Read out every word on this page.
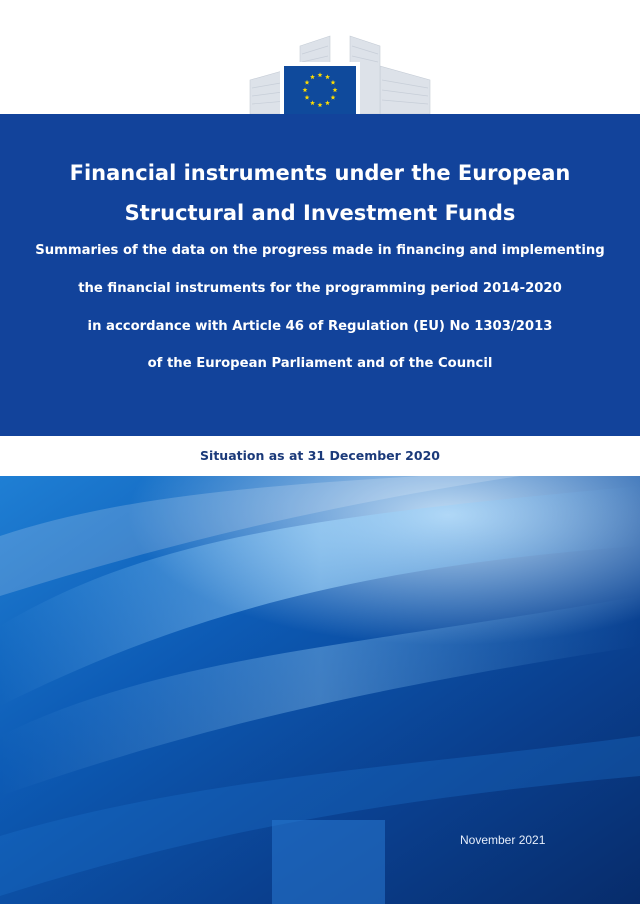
Financial instruments under the European
Structural and Investment Funds
Summaries of the data on the progress made in financing and implementing
the financial instruments for the programming period 2014-2020
in accordance with Article 46 of Regulation (EU) No 1303/2013
of the European Parliament and of the Council
Situation as at 31 December 2020
November 2021
